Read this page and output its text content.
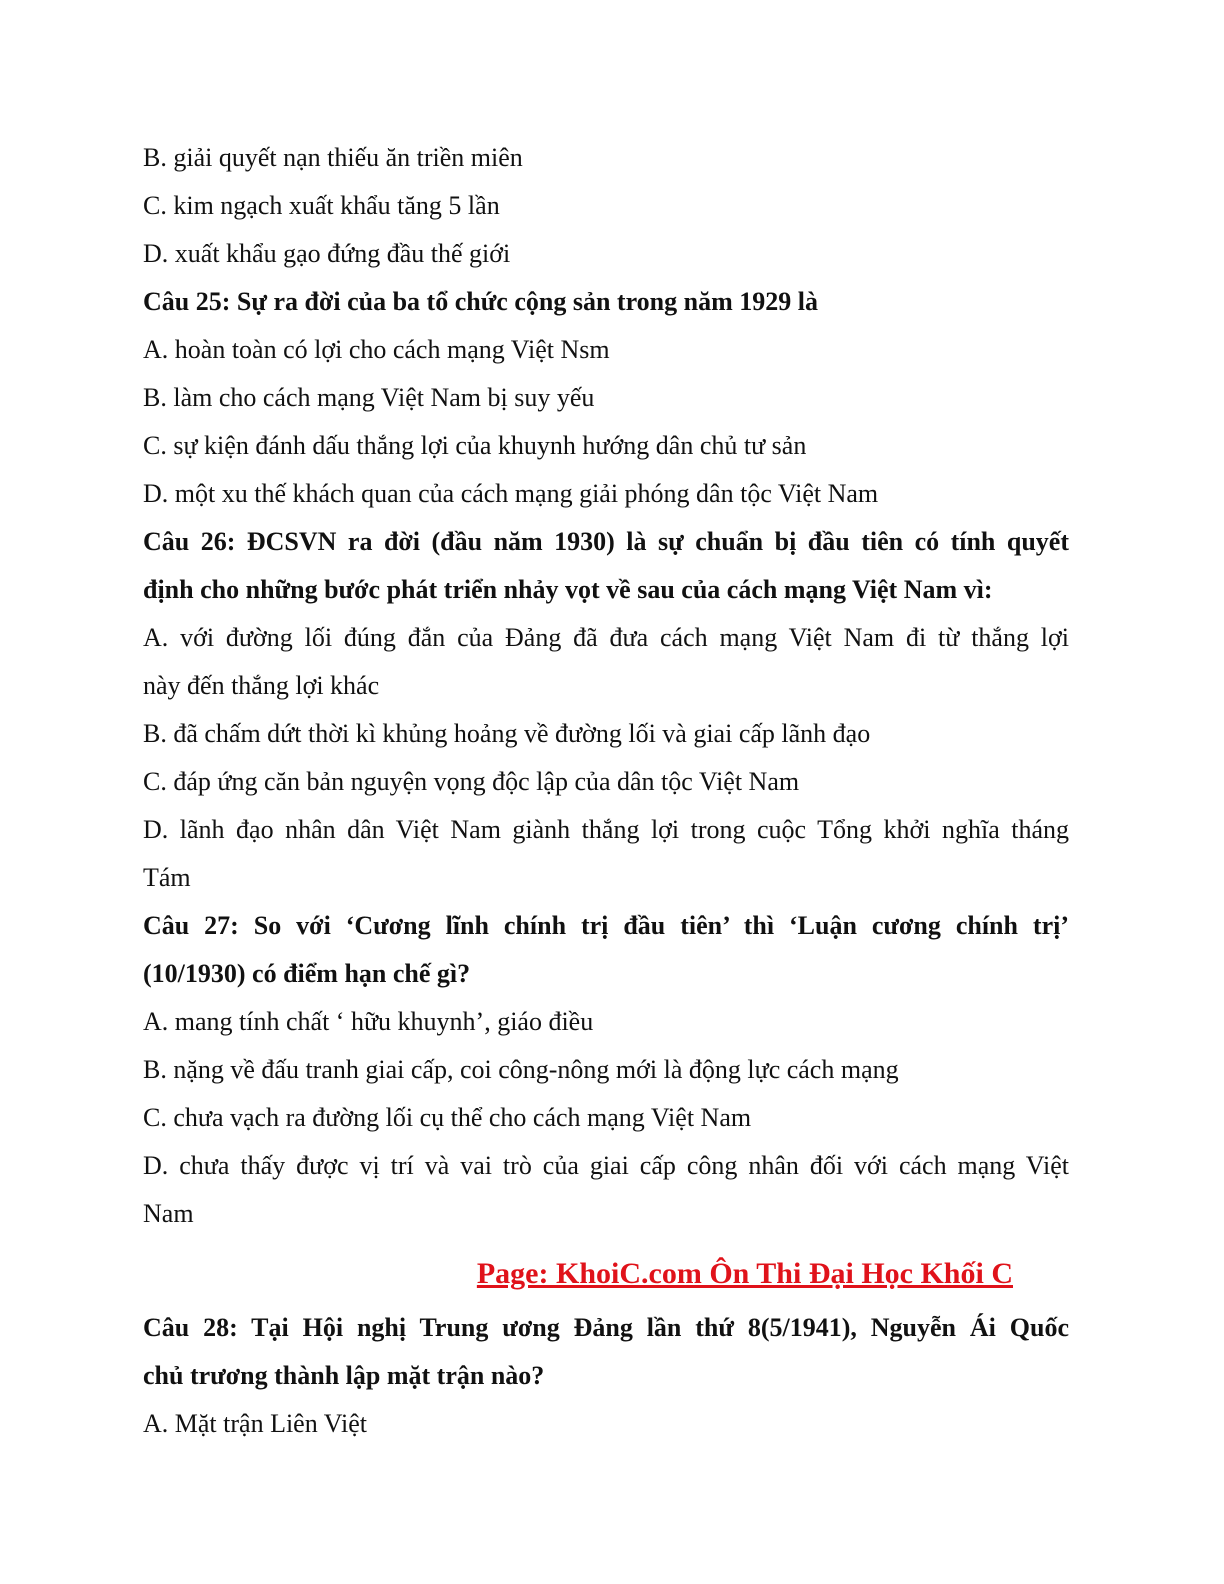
B. giải quyết nạn thiếu ăn triền miên
C. kim ngạch xuất khẩu tăng 5 lần
D. xuất khẩu gạo đứng đầu thế giới
Câu 25: Sự ra đời của ba tổ chức cộng sản trong năm 1929 là
A. hoàn toàn có lợi cho cách mạng Việt Nsm
B. làm cho cách mạng Việt Nam bị suy yếu
C. sự kiện đánh dấu thắng lợi của khuynh hướng dân chủ tư sản
D. một xu thế khách quan của cách mạng giải phóng dân tộc Việt Nam
Câu 26: ĐCSVN ra đời (đầu năm 1930) là sự chuẩn bị đầu tiên có tính quyết
định cho những bước phát triển nhảy vọt về sau của cách mạng Việt Nam vì:
A. với đường lối đúng đắn của Đảng đã đưa cách mạng Việt Nam đi từ thắng lợi
này đến thắng lợi khác
B. đã chấm dứt thời kì khủng hoảng về đường lối và giai cấp lãnh đạo
C. đáp ứng căn bản nguyện vọng độc lập của dân tộc Việt Nam
D. lãnh đạo nhân dân Việt Nam giành thắng lợi trong cuộc Tổng khởi nghĩa tháng
Tám
Câu 27: So với ‘Cương lĩnh chính trị đầu tiên’ thì ‘Luận cương chính trị’
(10/1930) có điểm hạn chế gì?
A. mang tính chất ‘ hữu khuynh’, giáo điều
B. nặng về đấu tranh giai cấp, coi công-nông mới là động lực cách mạng
C. chưa vạch ra đường lối cụ thể cho cách mạng Việt Nam
D. chưa thấy được vị trí và vai trò của giai cấp công nhân đối với cách mạng Việt
Nam
Page: KhoiC.com Ôn Thi Đại Học Khối C
Câu 28: Tại Hội nghị Trung ương Đảng lần thứ 8(5/1941), Nguyễn Ái Quốc
chủ trương thành lập mặt trận nào?
A. Mặt trận Liên Việt
